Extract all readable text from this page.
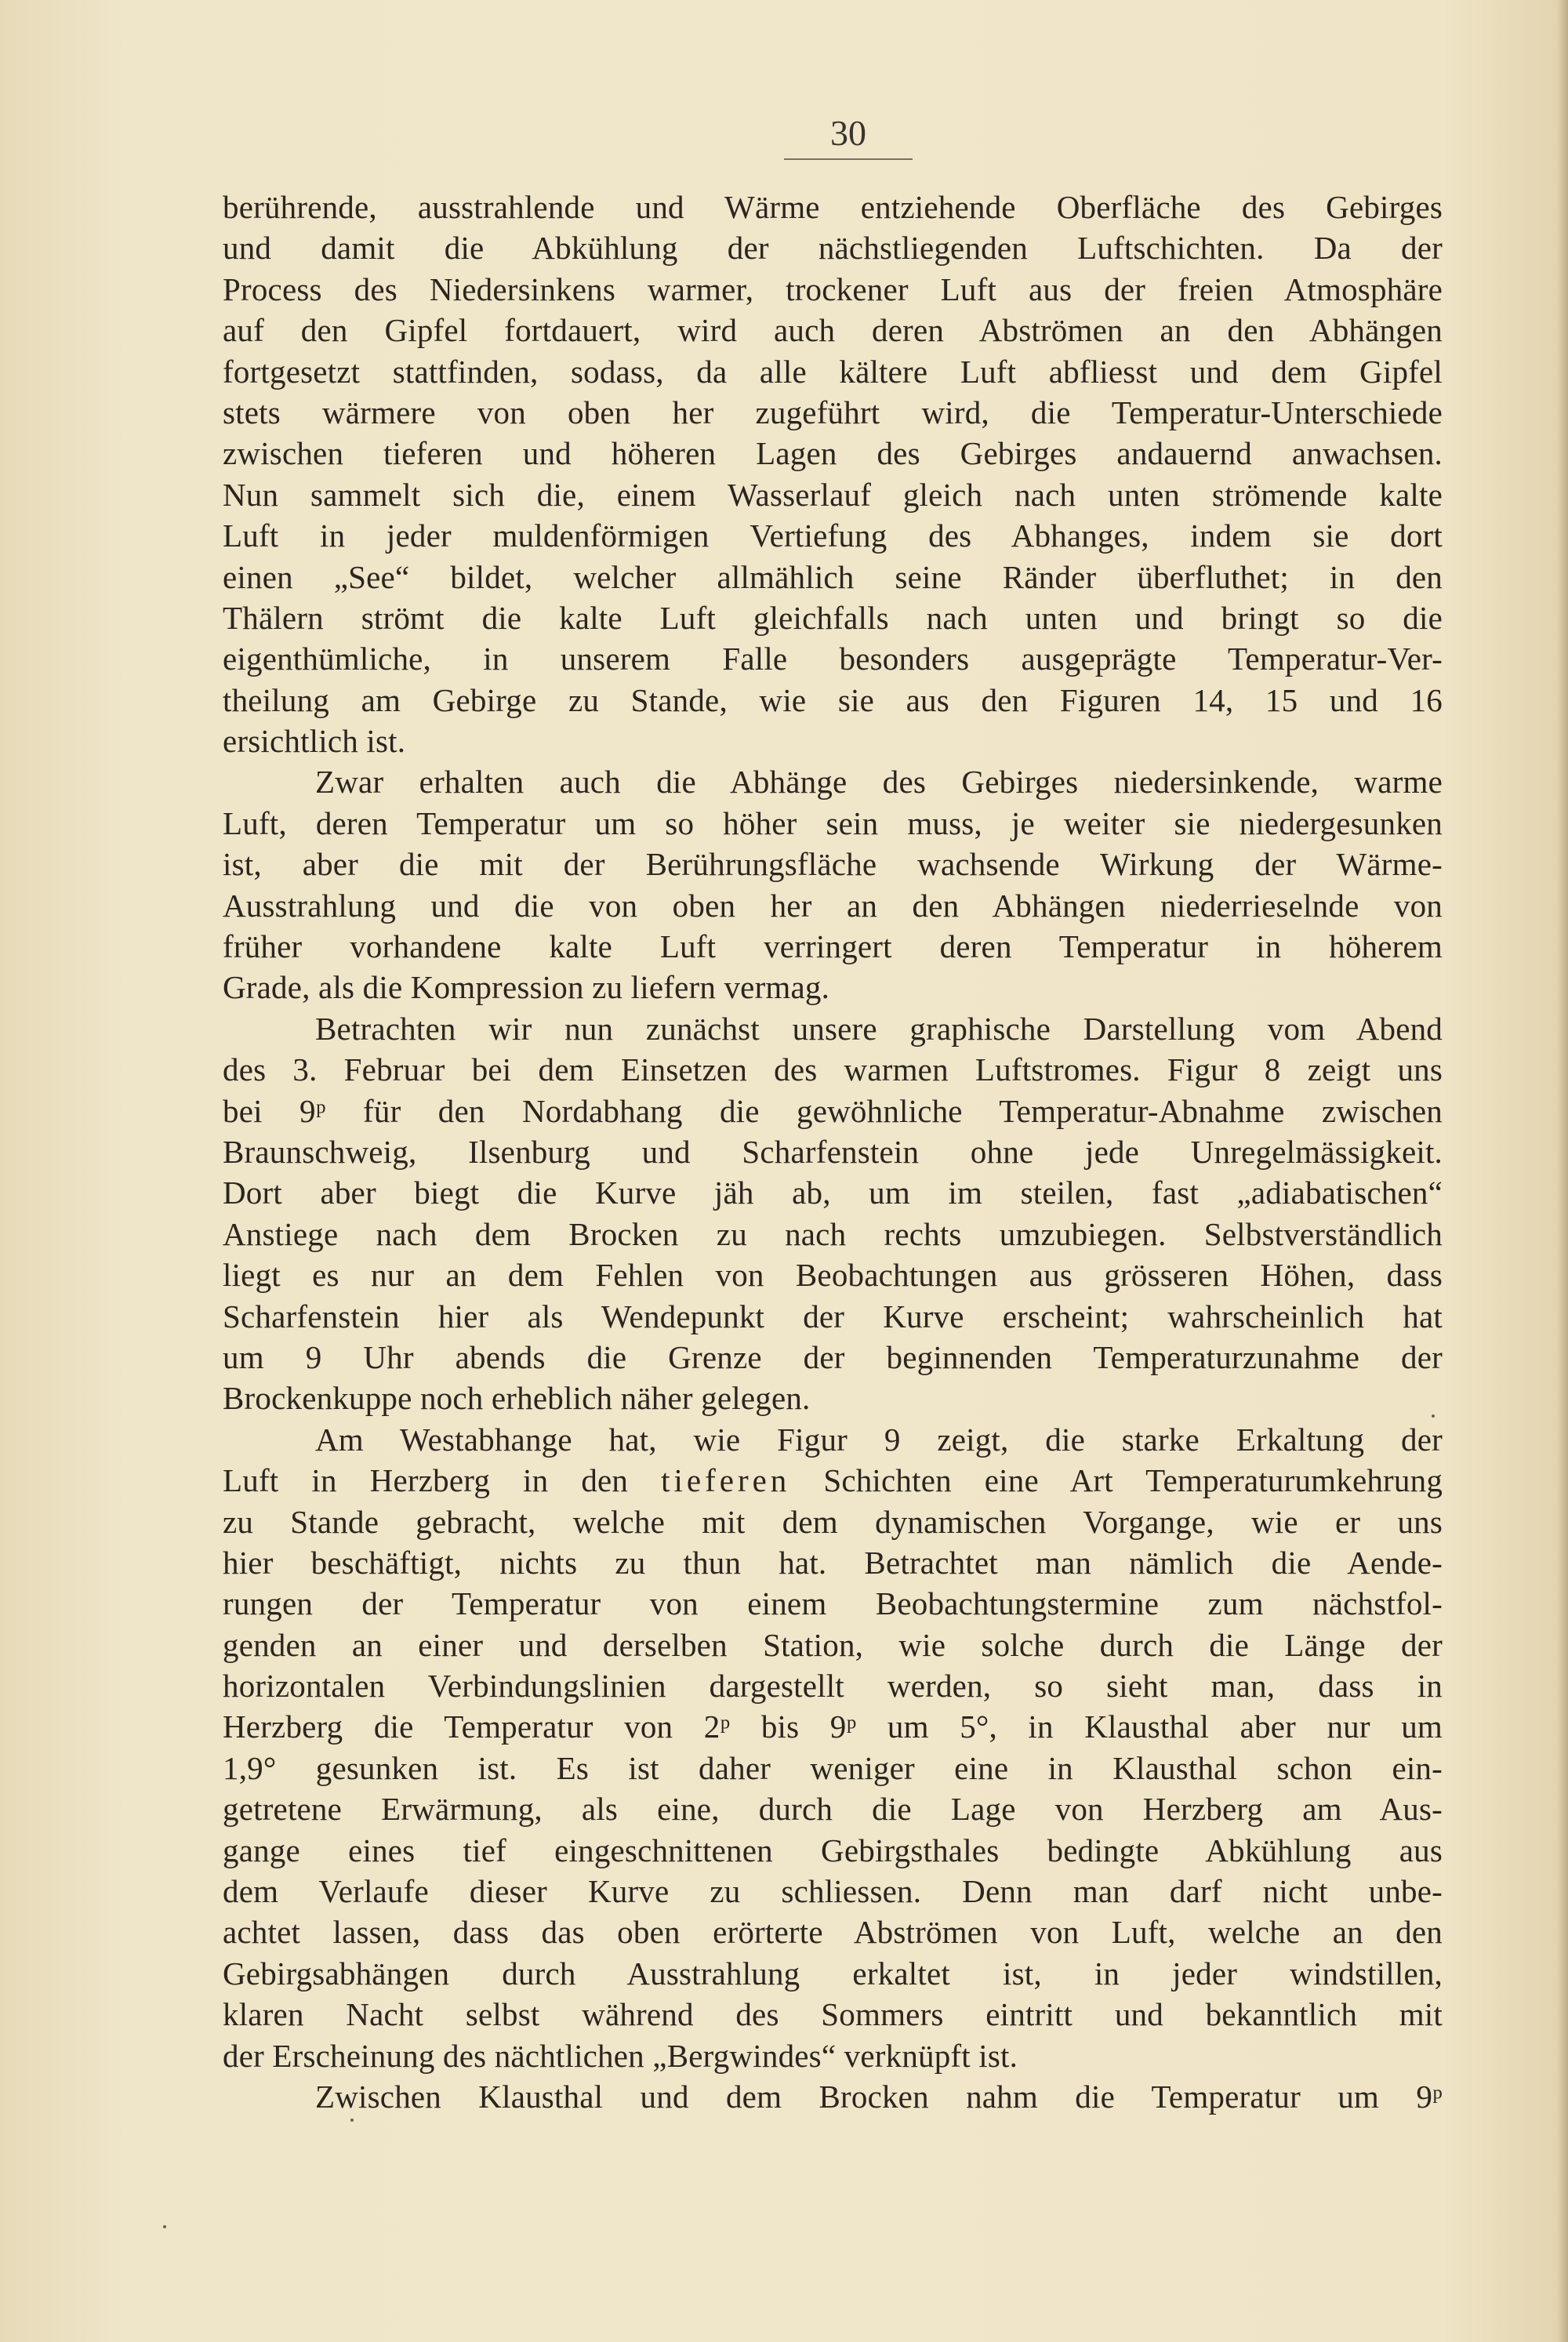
30
berührende, ausstrahlende und Wärme entziehende Oberfläche des Gebirges
und damit die Abkühlung der nächstliegenden Luftschichten. Da der
Process des Niedersinkens warmer, trockener Luft aus der freien Atmosphäre
auf den Gipfel fortdauert, wird auch deren Abströmen an den Abhängen
fortgesetzt stattfinden, sodass, da alle kältere Luft abfliesst und dem Gipfel
stets wärmere von oben her zugeführt wird, die Temperatur-Unterschiede
zwischen tieferen und höheren Lagen des Gebirges andauernd anwachsen.
Nun sammelt sich die, einem Wasserlauf gleich nach unten strömende kalte
Luft in jeder muldenförmigen Vertiefung des Abhanges, indem sie dort
einen „See“ bildet, welcher allmählich seine Ränder überfluthet; in den
Thälern strömt die kalte Luft gleichfalls nach unten und bringt so die
eigenthümliche, in unserem Falle besonders ausgeprägte Temperatur-Ver-
theilung am Gebirge zu Stande, wie sie aus den Figuren 14, 15 und 16
ersichtlich ist.
Zwar erhalten auch die Abhänge des Gebirges niedersinkende, warme
Luft, deren Temperatur um so höher sein muss, je weiter sie niedergesunken
ist, aber die mit der Berührungsfläche wachsende Wirkung der Wärme-
Ausstrahlung und die von oben her an den Abhängen niederrieselnde von
früher vorhandene kalte Luft verringert deren Temperatur in höherem
Grade, als die Kompression zu liefern vermag.
Betrachten wir nun zunächst unsere graphische Darstellung vom Abend
des 3. Februar bei dem Einsetzen des warmen Luftstromes. Figur 8 zeigt uns
bei 9ᵖ für den Nordabhang die gewöhnliche Temperatur-Abnahme zwischen
Braunschweig, Ilsenburg und Scharfenstein ohne jede Unregelmässigkeit.
Dort aber biegt die Kurve jäh ab, um im steilen, fast „adiabatischen“
Anstiege nach dem Brocken zu nach rechts umzubiegen. Selbstverständlich
liegt es nur an dem Fehlen von Beobachtungen aus grösseren Höhen, dass
Scharfenstein hier als Wendepunkt der Kurve erscheint; wahrscheinlich hat
um 9 Uhr abends die Grenze der beginnenden Temperaturzunahme der
Brockenkuppe noch erheblich näher gelegen.
Am Westabhange hat, wie Figur 9 zeigt, die starke Erkaltung der
Luft in Herzberg in den tieferen Schichten eine Art Temperaturumkehrung
zu Stande gebracht, welche mit dem dynamischen Vorgange, wie er uns
hier beschäftigt, nichts zu thun hat. Betrachtet man nämlich die Aende-
rungen der Temperatur von einem Beobachtungstermine zum nächstfol-
genden an einer und derselben Station, wie solche durch die Länge der
horizontalen Verbindungslinien dargestellt werden, so sieht man, dass in
Herzberg die Temperatur von 2ᵖ bis 9ᵖ um 5°, in Klausthal aber nur um
1,9° gesunken ist. Es ist daher weniger eine in Klausthal schon ein-
getretene Erwärmung, als eine, durch die Lage von Herzberg am Aus-
gange eines tief eingeschnittenen Gebirgsthales bedingte Abkühlung aus
dem Verlaufe dieser Kurve zu schliessen. Denn man darf nicht unbe-
achtet lassen, dass das oben erörterte Abströmen von Luft, welche an den
Gebirgsabhängen durch Ausstrahlung erkaltet ist, in jeder windstillen,
klaren Nacht selbst während des Sommers eintritt und bekanntlich mit
der Erscheinung des nächtlichen „Bergwindes“ verknüpft ist.
Zwischen Klausthal und dem Brocken nahm die Temperatur um 9ᵖ
